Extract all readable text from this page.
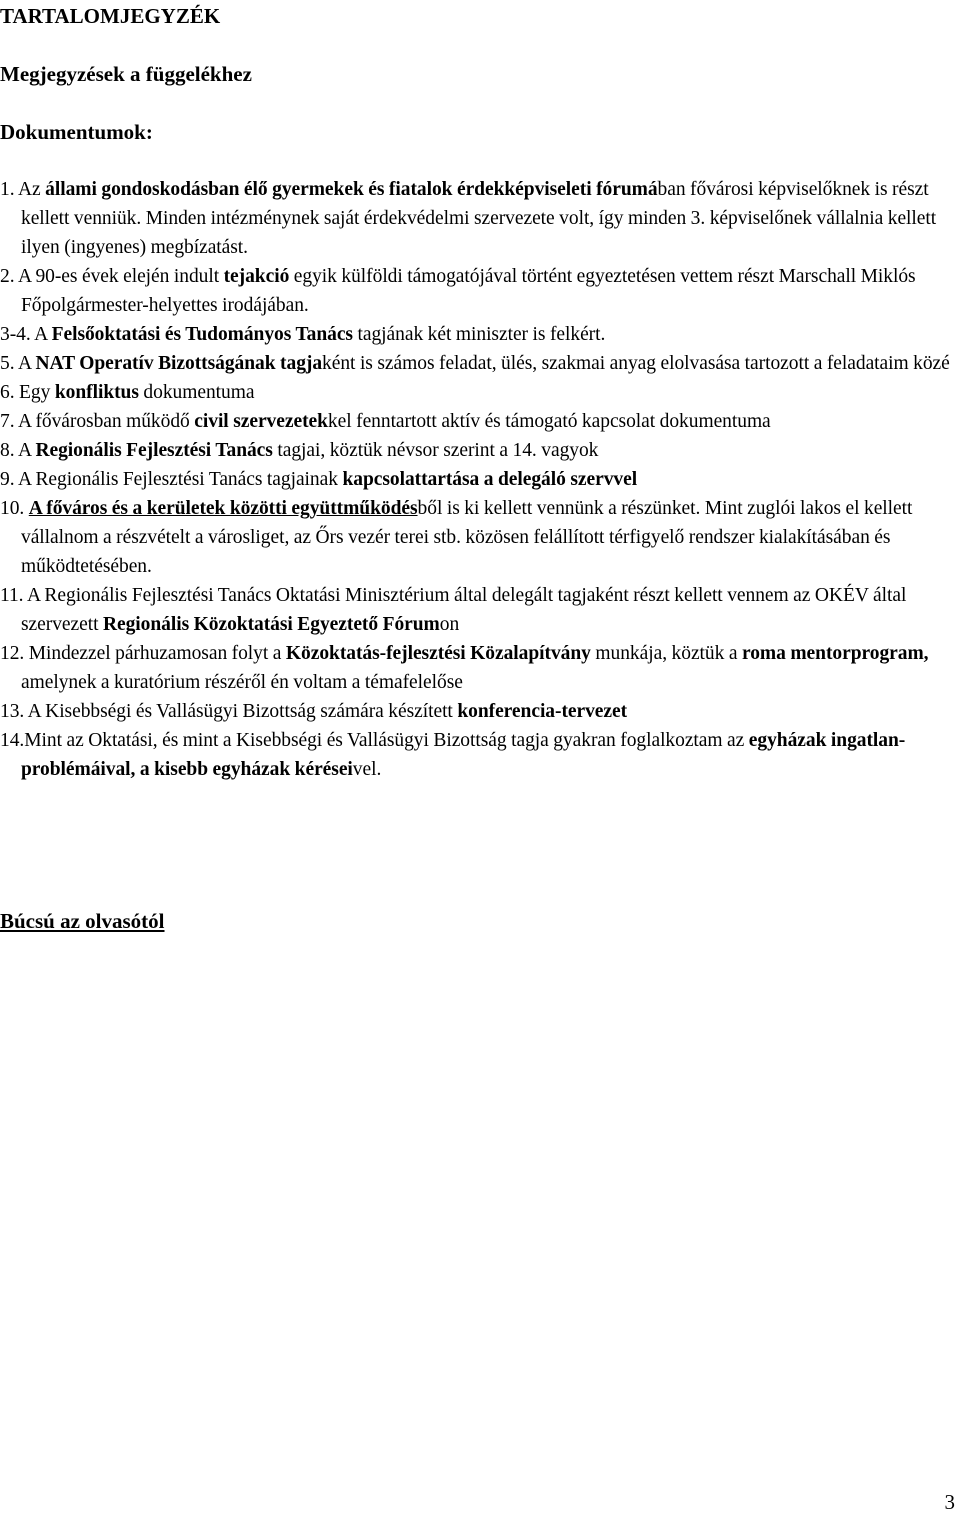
TARTALOMJEGYZÉK
Megjegyzések a függelékhez
Dokumentumok:

1. Az állami gondoskodásban élő gyermekek és fiatalok érdekképviseleti fórumában fővárosi képviselőknek is részt kellett venniük. Minden intézménynek saját érdekvédelmi szervezete volt, így minden 3. képviselőnek vállalnia kellett ilyen (ingyenes) megbízatást.

2. A 90-es évek elején indult tejakció egyik külföldi támogatójával történt egyeztetésen vettem részt Marschall Miklós Főpolgármester-helyettes irodájában.

3-4. A Felsőoktatási és Tudományos Tanács tagjának két miniszter is felkért.

5. A NAT Operatív Bizottságának tagjaként is számos feladat, ülés, szakmai anyag elolvasása tartozott a feladataim közé

6. Egy konfliktus dokumentuma

7. A fővárosban működő civil szervezetekkel fenntartott aktív és támogató kapcsolat dokumentuma

8. A Regionális Fejlesztési Tanács tagjai, köztük névsor szerint a 14. vagyok

9. A Regionális Fejlesztési Tanács tagjainak kapcsolattartása a delegáló szervvel

10. A főváros és a kerületek közötti együttműködésből is ki kellett vennünk a részünket. Mint zuglói lakos el kellett vállalnom a részvételt a városliget, az Őrs vezér terei stb. közösen felállított térfigyelő rendszer kialakításában és működtetésében.

11. A Regionális Fejlesztési Tanács Oktatási Minisztérium által delegált tagjaként részt kellett vennem az OKÉV által szervezett Regionális Közoktatási Egyeztető Fórumon

12. Mindezzel párhuzamosan folyt a Közoktatás-fejlesztési Közalapítvány munkája, köztük a roma mentorprogram, amelynek a kuratórium részéről én voltam a témafelelőse

13. A Kisebbségi és Vallásügyi Bizottság számára készített konferencia-tervezet

14.Mint az Oktatási, és mint a Kisebbségi és Vallásügyi Bizottság tagja gyakran foglalkoztam az egyházak ingatlan-problémáival, a kisebb egyházak kéréseivel.

Búcsú az olvasótól
3
